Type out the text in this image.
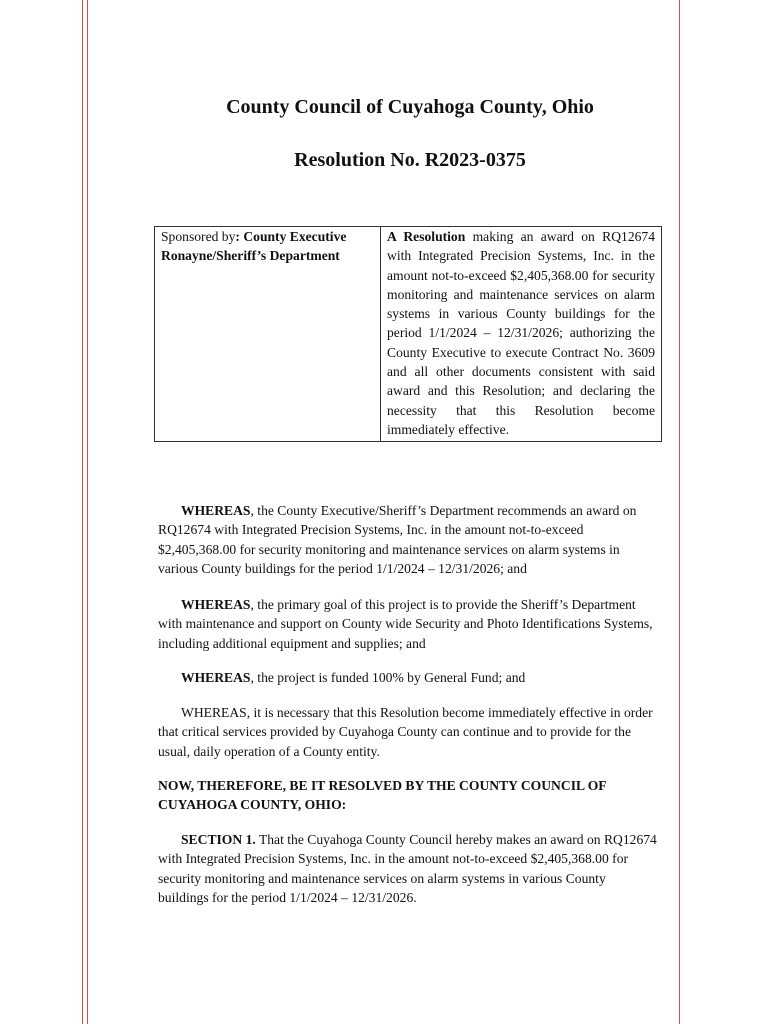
County Council of Cuyahoga County, Ohio
Resolution No. R2023-0375
Sponsored by: County Executive Ronayne/Sheriff’s Department	A Resolution making an award on RQ12674 with Integrated Precision Systems, Inc. in the amount not-to-exceed $2,405,368.00 for security monitoring and maintenance services on alarm systems in various County buildings for the period 1/1/2024 – 12/31/2026; authorizing the County Executive to execute Contract No. 3609 and all other documents consistent with said award and this Resolution; and declaring the necessity that this Resolution become immediately effective.

WHEREAS, the County Executive/Sheriff’s Department recommends an award on RQ12674 with Integrated Precision Systems, Inc. in the amount not-to-exceed $2,405,368.00 for security monitoring and maintenance services on alarm systems in various County buildings for the period 1/1/2024 – 12/31/2026; and

WHEREAS, the primary goal of this project is to provide the Sheriff’s Department with maintenance and support on County wide Security and Photo Identifications Systems, including additional equipment and supplies; and

WHEREAS, the project is funded 100% by General Fund; and

WHEREAS, it is necessary that this Resolution become immediately effective in order that critical services provided by Cuyahoga County can continue and to provide for the usual, daily operation of a County entity.

NOW, THEREFORE, BE IT RESOLVED BY THE COUNTY COUNCIL OF CUYAHOGA COUNTY, OHIO:

SECTION 1. That the Cuyahoga County Council hereby makes an award on RQ12674 with Integrated Precision Systems, Inc. in the amount not-to-exceed $2,405,368.00 for security monitoring and maintenance services on alarm systems in various County buildings for the period 1/1/2024 – 12/31/2026.
